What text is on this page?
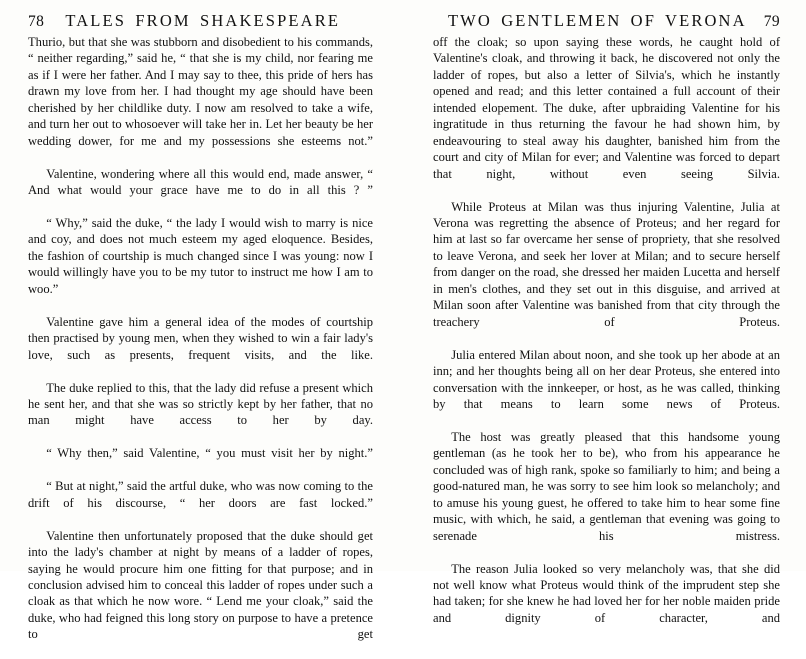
78 TALES FROM SHAKESPEARE

Thurio, but that she was stubborn and disobedient to his commands, “ neither regarding,” said he, “ that she is my child, nor fearing me as if I were her father. And I may say to thee, this pride of hers has drawn my love from her. I had thought my age should have been cherished by her childlike duty. I now am resolved to take a wife, and turn her out to whosoever will take her in. Let her beauty be her wedding dower, for me and my possessions she esteems not.”

Valentine, wondering where all this would end, made answer, “ And what would your grace have me to do in all this ? ”

“ Why,” said the duke, “ the lady I would wish to marry is nice and coy, and does not much esteem my aged eloquence. Besides, the fashion of courtship is much changed since I was young: now I would willingly have you to be my tutor to instruct me how I am to woo.”

Valentine gave him a general idea of the modes of courtship then practised by young men, when they wished to win a fair lady's love, such as presents, frequent visits, and the like.

The duke replied to this, that the lady did refuse a present which he sent her, and that she was so strictly kept by her father, that no man might have access to her by day.

“ Why then,” said Valentine, “ you must visit her by night.”

“ But at night,” said the artful duke, who was now coming to the drift of his discourse, “ her doors are fast locked.”

Valentine then unfortunately proposed that the duke should get into the lady's chamber at night by means of a ladder of ropes, saying he would procure him one fitting for that purpose; and in conclusion advised him to conceal this ladder of ropes under such a cloak as that which he now wore. “ Lend me your cloak,” said the duke, who had feigned this long story on purpose to have a pretence to get

TWO GENTLEMEN OF VERONA 79

off the cloak; so upon saying these words, he caught hold of Valentine's cloak, and throwing it back, he discovered not only the ladder of ropes, but also a letter of Silvia's, which he instantly opened and read; and this letter contained a full account of their intended elopement. The duke, after upbraiding Valentine for his ingratitude in thus returning the favour he had shown him, by endeavouring to steal away his daughter, banished him from the court and city of Milan for ever; and Valentine was forced to depart that night, without even seeing Silvia.

While Proteus at Milan was thus injuring Valentine, Julia at Verona was regretting the absence of Proteus; and her regard for him at last so far overcame her sense of propriety, that she resolved to leave Verona, and seek her lover at Milan; and to secure herself from danger on the road, she dressed her maiden Lucetta and herself in men's clothes, and they set out in this disguise, and arrived at Milan soon after Valentine was banished from that city through the treachery of Proteus.

Julia entered Milan about noon, and she took up her abode at an inn; and her thoughts being all on her dear Proteus, she entered into conversation with the innkeeper, or host, as he was called, thinking by that means to learn some news of Proteus.

The host was greatly pleased that this handsome young gentleman (as he took her to be), who from his appearance he concluded was of high rank, spoke so familiarly to him; and being a good-natured man, he was sorry to see him look so melancholy; and to amuse his young guest, he offered to take him to hear some fine music, with which, he said, a gentleman that evening was going to serenade his mistress.

The reason Julia looked so very melancholy was, that she did not well know what Proteus would think of the imprudent step she had taken; for she knew he had loved her for her noble maiden pride and dignity of character, and
